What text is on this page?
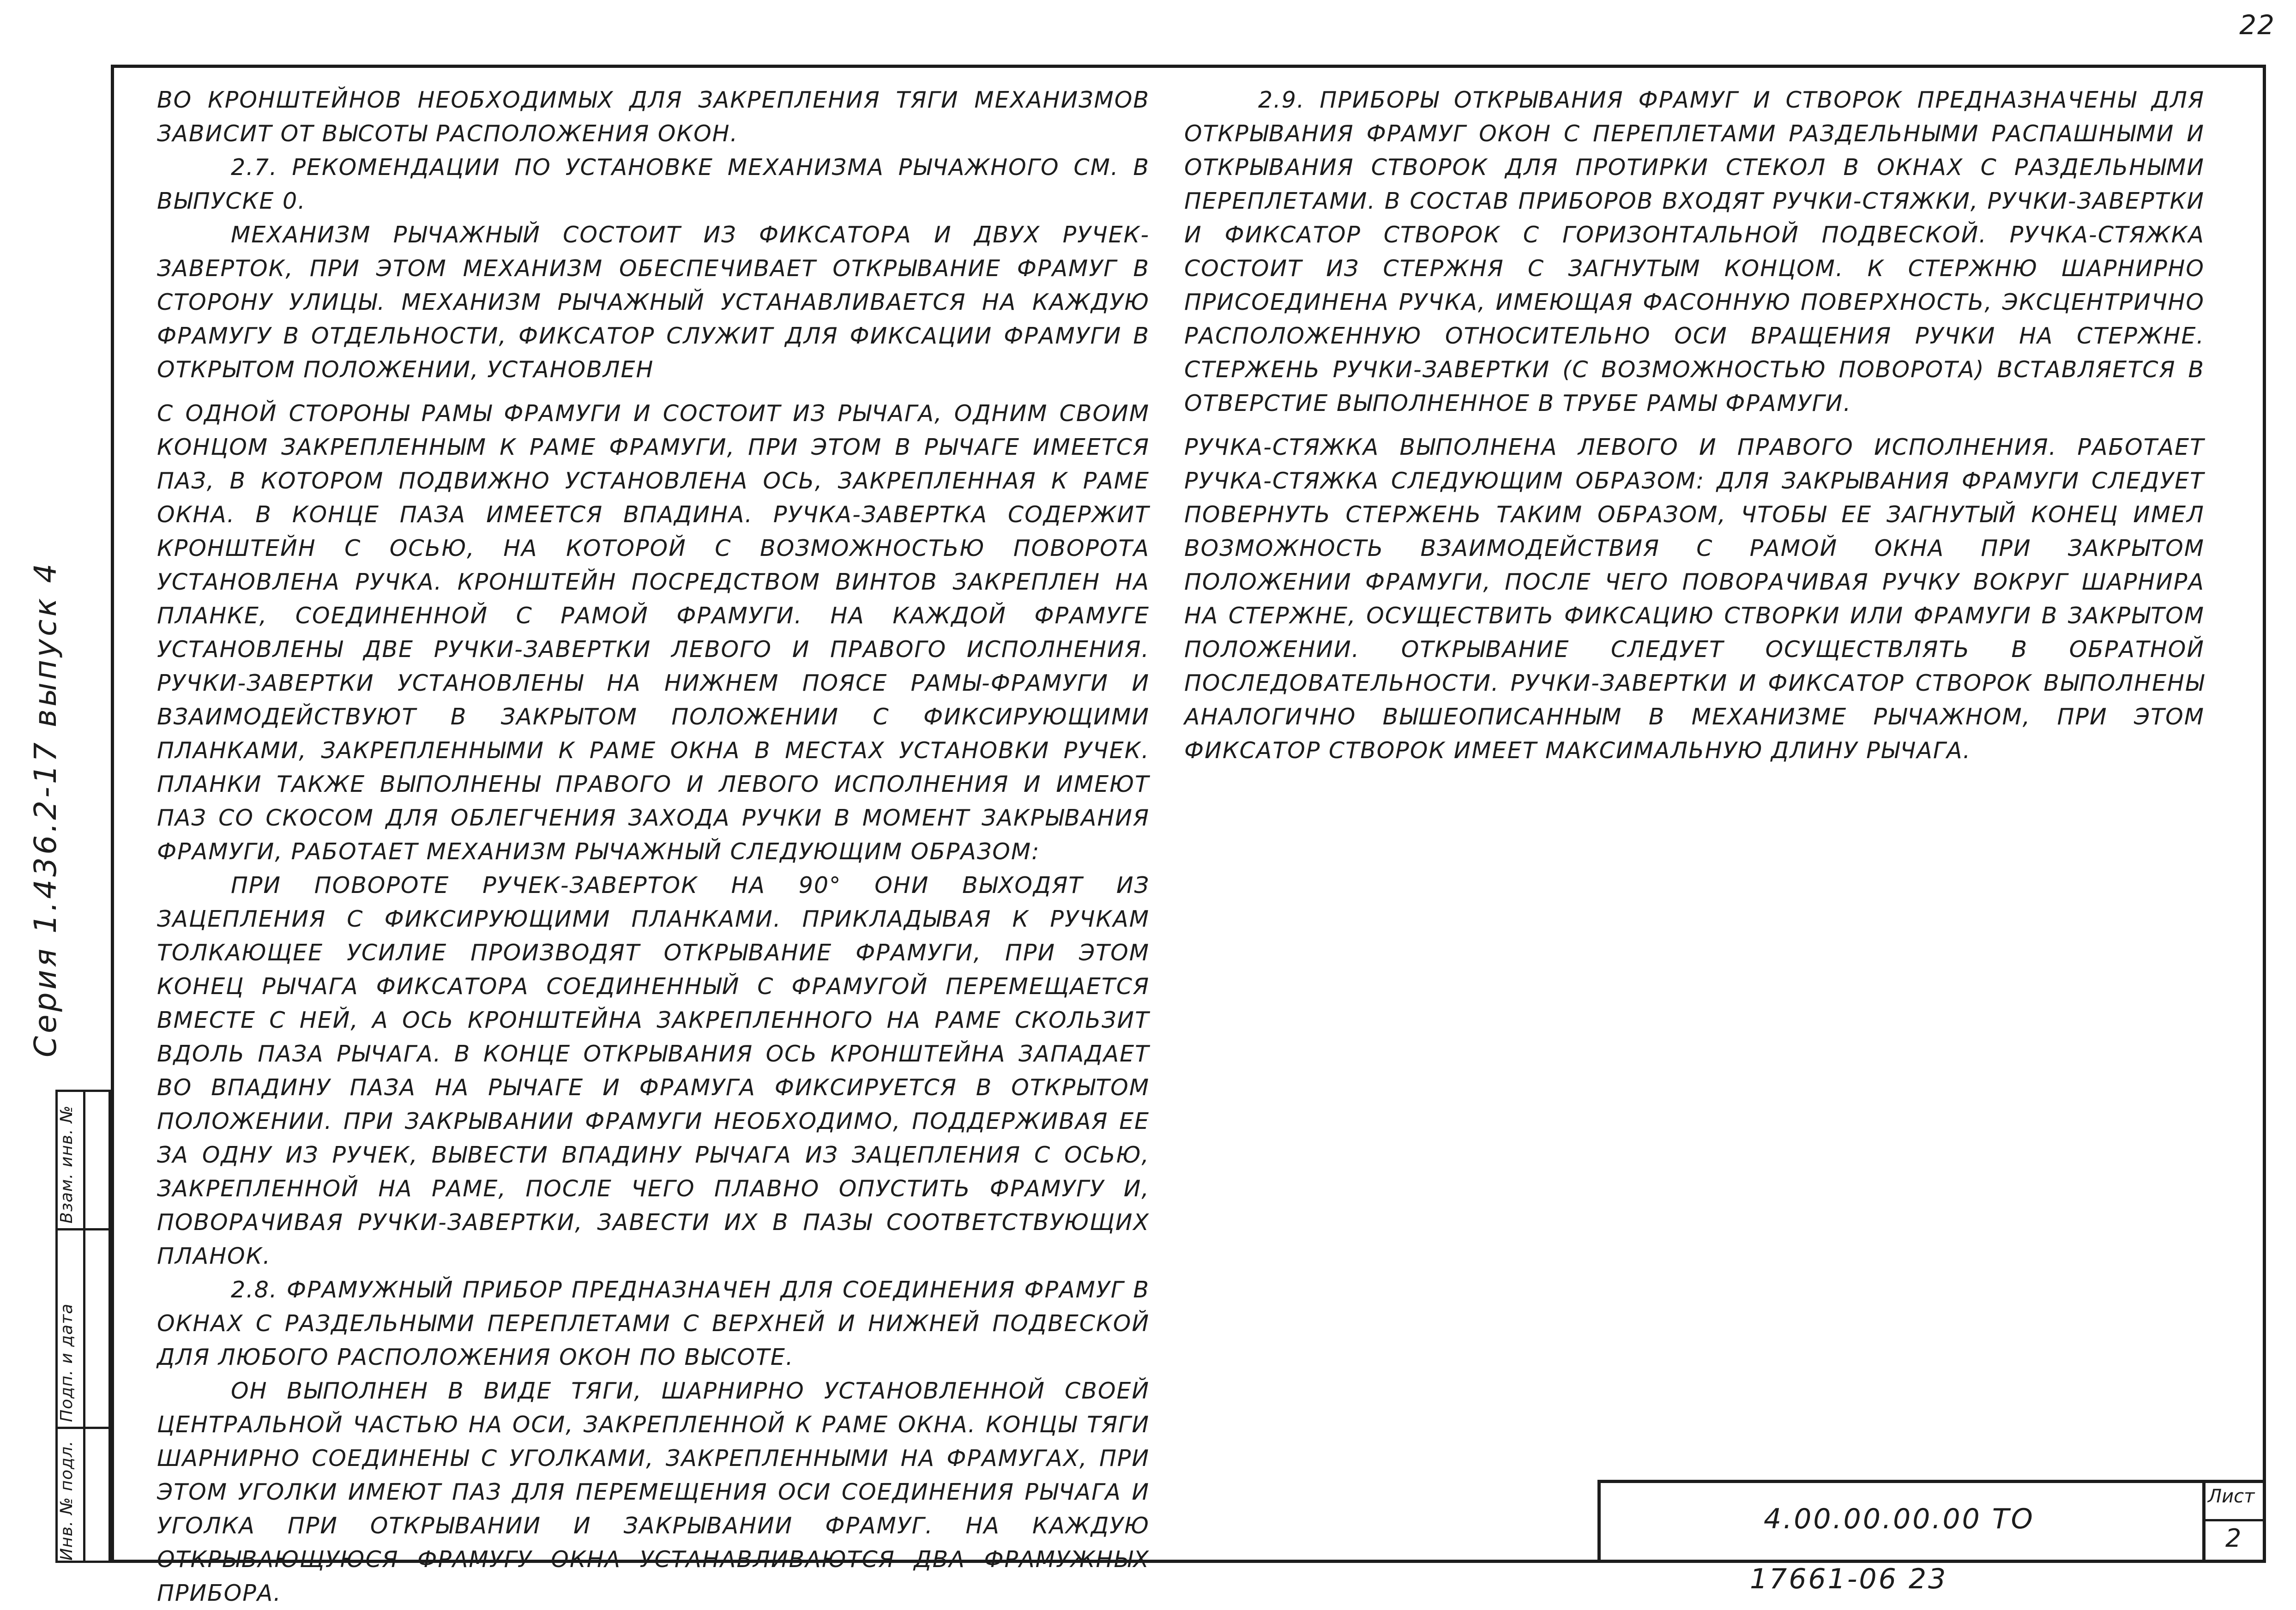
22
Серия 1.436.2-17 выпуск 4
Взам. инв. №
Подп. и дата
Инв. № подл.

ВО КРОНШТЕЙНОВ НЕОБХОДИМЫХ ДЛЯ ЗАКРЕПЛЕНИЯ ТЯГИ МЕХАНИЗМОВ ЗАВИСИТ ОТ ВЫСОТЫ РАСПОЛОЖЕНИЯ ОКОН.

2.7. РЕКОМЕНДАЦИИ ПО УСТАНОВКЕ МЕХАНИЗМА РЫЧАЖНОГО СМ. В ВЫПУСКЕ 0.

МЕХАНИЗМ РЫЧАЖНЫЙ СОСТОИТ ИЗ ФИКСАТОРА И ДВУХ РУЧЕК-ЗАВЕРТOК, ПРИ ЭТОМ МЕХАНИЗМ ОБЕСПЕЧИВАЕТ ОТКРЫВАНИЕ ФРАМУГ В СТОРОНУ УЛИЦЫ. МЕХАНИЗМ РЫЧАЖНЫЙ УСТАНАВЛИВАЕТСЯ НА КАЖДУЮ ФРАМУГУ В ОТДЕЛЬНОСТИ, ФИКСАТОР СЛУЖИТ ДЛЯ ФИКСАЦИИ ФРАМУГИ В ОТКРЫТОМ ПОЛОЖЕНИИ, УСТАНОВЛЕН

С ОДНОЙ СТОРОНЫ РАМЫ ФРАМУГИ И СОСТОИТ ИЗ РЫЧАГА, ОДНИМ СВОИМ КОНЦОМ ЗАКРЕПЛЕННЫМ К РАМЕ ФРАМУГИ, ПРИ ЭТОМ В РЫЧАГЕ ИМЕЕТСЯ ПАЗ, В КОТОРОМ ПОДВИЖНО УСТАНОВЛЕНА ОСЬ, ЗАКРЕПЛЕННАЯ К РАМЕ ОКНА. В КОНЦЕ ПАЗА ИМЕЕТСЯ ВПАДИНА. РУЧКА-ЗАВЕРТКА СОДЕРЖИТ КРОНШТЕЙН С ОСЬЮ, НА КОТОРОЙ С ВОЗМОЖНОСТЬЮ ПОВОРОТА УСТАНОВЛЕНА РУЧКА. КРОНШТЕЙН ПОСРЕДСТВОМ ВИНТОВ ЗАКРЕПЛЕН НА ПЛАНКЕ, СОЕДИНЕННОЙ С РАМОЙ ФРАМУГИ. НА КАЖДОЙ ФРАМУГЕ УСТАНОВЛЕНЫ ДВЕ РУЧКИ-ЗАВЕРТКИ ЛЕВОГО И ПРАВОГО ИСПОЛНЕНИЯ. РУЧКИ-ЗАВЕРТКИ УСТАНОВЛЕНЫ НА НИЖНЕМ ПОЯСЕ РАМЫ-ФРАМУГИ И ВЗАИМОДЕЙСТВУЮТ В ЗАКРЫТОМ ПОЛОЖЕНИИ С ФИКСИРУЮЩИМИ ПЛАНКАМИ, ЗАКРЕПЛЕННЫМИ К РАМЕ ОКНА В МЕСТАХ УСТАНОВКИ РУЧЕК. ПЛАНКИ ТАКЖЕ ВЫПОЛНЕНЫ ПРАВОГО И ЛЕВОГО ИСПОЛНЕНИЯ И ИМЕЮТ ПАЗ СО СКОСОМ ДЛЯ ОБЛЕГЧЕНИЯ ЗАХОДА РУЧКИ В МОМЕНТ ЗАКРЫВАНИЯ ФРАМУГИ, РАБОТАЕТ МЕХАНИЗМ РЫЧАЖНЫЙ СЛЕДУЮЩИМ ОБРАЗОМ:

ПРИ ПОВОРОТЕ РУЧЕК-ЗАВЕРТOК НА 90° ОНИ ВЫХОДЯТ ИЗ ЗАЦЕПЛЕНИЯ С ФИКСИРУЮЩИМИ ПЛАНКАМИ. ПРИКЛАДЫВАЯ К РУЧКАМ ТОЛКАЮЩЕЕ УСИЛИЕ ПРОИЗВОДЯТ ОТКРЫВАНИЕ ФРАМУГИ, ПРИ ЭТОМ КОНЕЦ РЫЧАГА ФИКСАТОРА СОЕДИНЕННЫЙ С ФРАМУГОЙ ПЕРЕМЕЩАЕТСЯ ВМЕСТЕ С НЕЙ, А ОСЬ КРОНШТЕЙНА ЗАКРЕПЛЕННОГО НА РАМЕ СКОЛЬЗИТ ВДОЛЬ ПАЗА РЫЧАГА. В КОНЦЕ ОТКРЫВАНИЯ ОСЬ КРОНШТЕЙНА ЗАПАДАЕТ ВО ВПАДИНУ ПАЗА НА РЫЧАГЕ И ФРАМУГА ФИКСИРУЕТСЯ В ОТКРЫТОМ ПОЛОЖЕНИИ. ПРИ ЗАКРЫВАНИИ ФРАМУГИ НЕОБХОДИМО, ПОДДЕРЖИВАЯ ЕЕ ЗА ОДНУ ИЗ РУЧЕК, ВЫВЕСТИ ВПАДИНУ РЫЧАГА ИЗ ЗАЦЕПЛЕНИЯ С ОСЬЮ, ЗАКРЕПЛЕННОЙ НА РАМЕ, ПОСЛЕ ЧЕГО ПЛАВНО ОПУСТИТЬ ФРАМУГУ И, ПОВОРАЧИВАЯ РУЧКИ-ЗАВЕРТКИ, ЗАВЕСТИ ИХ В ПАЗЫ СООТВЕТСТВУЮЩИХ ПЛАНОК.

2.8. ФРАМУЖНЫЙ ПРИБОР ПРЕДНАЗНАЧЕН ДЛЯ СОЕДИНЕНИЯ ФРАМУГ В ОКНАХ С РАЗДЕЛЬНЫМИ ПЕРЕПЛЕТАМИ С ВЕРХНЕЙ И НИЖНЕЙ ПОДВЕСКОЙ ДЛЯ ЛЮБОГО РАСПОЛОЖЕНИЯ ОКОН ПО ВЫСОТЕ.

ОН ВЫПОЛНЕН В ВИДЕ ТЯГИ, ШАРНИРНО УСТАНОВЛЕННОЙ СВОЕЙ ЦЕНТРАЛЬНОЙ ЧАСТЬЮ НА ОСИ, ЗАКРЕПЛЕННОЙ К РАМЕ ОКНА. КОНЦЫ ТЯГИ ШАРНИРНО СОЕДИНЕНЫ С УГОЛКАМИ, ЗАКРЕПЛЕННЫМИ НА ФРАМУГАХ, ПРИ ЭТОМ УГОЛКИ ИМЕЮТ ПАЗ ДЛЯ ПЕРЕМЕЩЕНИЯ ОСИ СОЕДИНЕНИЯ РЫЧАГА И УГОЛКА ПРИ ОТКРЫВАНИИ И ЗАКРЫВАНИИ ФРАМУГ. НА КАЖДУЮ ОТКРЫВАЮЩУЮСЯ ФРАМУГУ ОКНА УСТАНАВЛИВАЮТСЯ ДВА ФРАМУЖНЫХ ПРИБОРА.

2.9. ПРИБОРЫ ОТКРЫВАНИЯ ФРАМУГ И СТВОРОК ПРЕДНАЗНАЧЕНЫ ДЛЯ ОТКРЫВАНИЯ ФРАМУГ ОКОН С ПЕРЕПЛЕТАМИ РАЗДЕЛЬНЫМИ РАСПАШНЫМИ И ОТКРЫВАНИЯ СТВОРОК ДЛЯ ПРОТИРКИ СТЕКОЛ В ОКНАХ С РАЗДЕЛЬНЫМИ ПЕРЕПЛЕТАМИ. В СОСТАВ ПРИБОРОВ ВХОДЯТ РУЧКИ-СТЯЖКИ, РУЧКИ-ЗАВЕРТКИ И ФИКСАТОР СТВОРОК С ГОРИЗОНТАЛЬНОЙ ПОДВЕСКОЙ. РУЧКА-СТЯЖКА СОСТОИТ ИЗ СТЕРЖНЯ С ЗАГНУТЫМ КОНЦОМ. К СТЕРЖНЮ ШАРНИРНО ПРИСОЕДИНЕНА РУЧКА, ИМЕЮЩАЯ ФАСОННУЮ ПОВЕРХНОСТЬ, ЭКСЦЕНТРИЧНО РАСПОЛОЖЕННУЮ ОТНОСИТЕЛЬНО ОСИ ВРАЩЕНИЯ РУЧКИ НА СТЕРЖНЕ. СТЕРЖЕНЬ РУЧКИ-ЗАВЕРТКИ (С ВОЗМОЖНОСТЬЮ ПОВОРОТА) ВСТАВЛЯЕТСЯ В ОТВЕРСТИЕ ВЫПОЛНЕННОЕ В ТРУБЕ РАМЫ ФРАМУГИ.

РУЧКА-СТЯЖКА ВЫПОЛНЕНА ЛЕВОГО И ПРАВОГО ИСПОЛНЕНИЯ. РАБОТАЕТ РУЧКА-СТЯЖКА СЛЕДУЮЩИМ ОБРАЗОМ: ДЛЯ ЗАКРЫВАНИЯ ФРАМУГИ СЛЕДУЕТ ПОВЕРНУТЬ СТЕРЖЕНЬ ТАКИМ ОБРАЗОМ, ЧТОБЫ ЕЕ ЗАГНУТЫЙ КОНЕЦ ИМЕЛ ВОЗМОЖНОСТЬ ВЗАИМОДЕЙСТВИЯ С РАМОЙ ОКНА ПРИ ЗАКРЫТОМ ПОЛОЖЕНИИ ФРАМУГИ, ПОСЛЕ ЧЕГО ПОВОРАЧИВАЯ РУЧКУ ВОКРУГ ШАРНИРА НА СТЕРЖНЕ, ОСУЩЕСТВИТЬ ФИКСАЦИЮ СТВОРКИ ИЛИ ФРАМУГИ В ЗАКРЫТОМ ПОЛОЖЕНИИ. ОТКРЫВАНИЕ СЛЕДУЕТ ОСУЩЕСТВЛЯТЬ В ОБРАТНОЙ ПОСЛЕДОВАТЕЛЬНОСТИ. РУЧКИ-ЗАВЕРТКИ И ФИКСАТОР СТВОРОК ВЫПОЛНЕНЫ АНАЛОГИЧНО ВЫШЕОПИСАННЫМ В МЕХАНИЗМЕ РЫЧАЖНОМ, ПРИ ЭТОМ ФИКСАТОР СТВОРОК ИМЕЕТ МАКСИМАЛЬНУЮ ДЛИНУ РЫЧАГА.

4.00.00.00.00 ТО
Лист
2
17661-06 23
